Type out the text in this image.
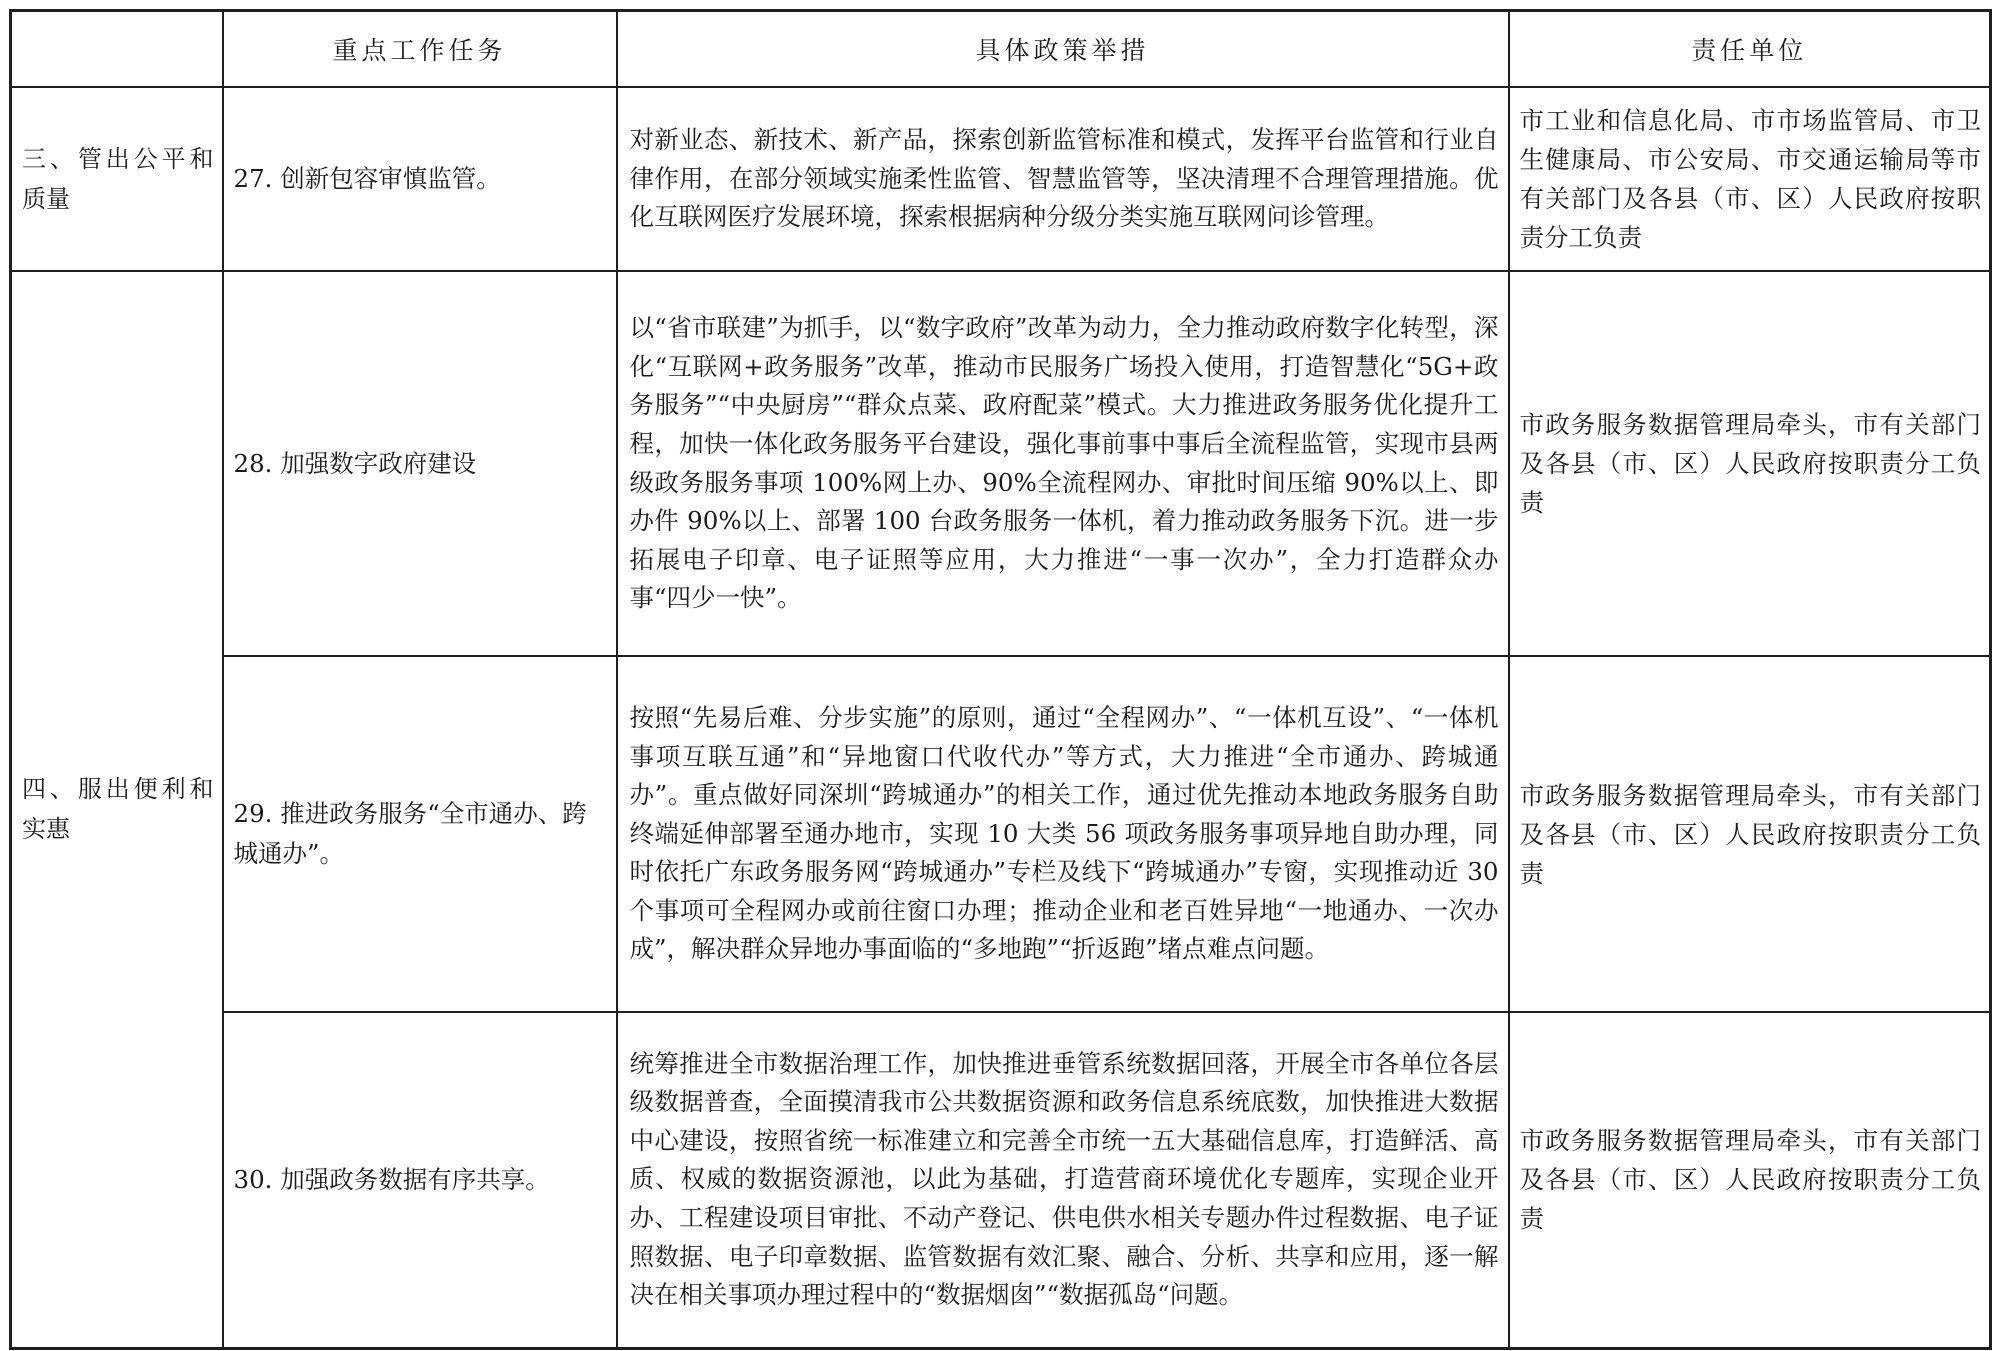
	重点工作任务	具体政策举措	责任单位
三、管出公平和质量	27. 创新包容审慎监管。	对新业态、新技术、新产品，探索创新监管标准和模式，发挥平台监管和行业自律作用，在部分领域实施柔性监管、智慧监管等，坚决清理不合理管理措施。优化互联网医疗发展环境，探索根据病种分级分类实施互联网问诊管理。	市工业和信息化局、市市场监管局、市卫生健康局、市公安局、市交通运输局等市有关部门及各县（市、区）人民政府按职责分工负责
四、服出便利和实惠	28. 加强数字政府建设	以“省市联建”为抓手，以“数字政府”改革为动力，全力推动政府数字化转型，深化“互联网+政务服务”改革，推动市民服务广场投入使用，打造智慧化“5G+政务服务”“中央厨房”“群众点菜、政府配菜”模式。大力推进政务服务优化提升工程，加快一体化政务服务平台建设，强化事前事中事后全流程监管，实现市县两级政务服务事项 100%网上办、90%全流程网办、审批时间压缩 90%以上、即办件 90%以上、部署 100 台政务服务一体机，着力推动政务服务下沉。进一步拓展电子印章、电子证照等应用，大力推进“一事一次办”，全力打造群众办事“四少一快”。	市政务服务数据管理局牵头，市有关部门及各县（市、区）人民政府按职责分工负责
	29. 推进政务服务“全市通办、跨城通办”。	按照“先易后难、分步实施”的原则，通过“全程网办”、“一体机互设”、“一体机事项互联互通”和“异地窗口代收代办”等方式，大力推进“全市通办、跨城通办”。重点做好同深圳“跨城通办”的相关工作，通过优先推动本地政务服务自助终端延伸部署至通办地市，实现 10 大类 56 项政务服务事项异地自助办理，同时依托广东政务服务网“跨城通办”专栏及线下“跨城通办”专窗，实现推动近 30 个事项可全程网办或前往窗口办理；推动企业和老百姓异地“一地通办、一次办成”，解决群众异地办事面临的“多地跑”“折返跑”堵点难点问题。	市政务服务数据管理局牵头，市有关部门及各县（市、区）人民政府按职责分工负责
	30. 加强政务数据有序共享。	统筹推进全市数据治理工作，加快推进垂管系统数据回落，开展全市各单位各层级数据普查，全面摸清我市公共数据资源和政务信息系统底数，加快推进大数据中心建设，按照省统一标准建立和完善全市统一五大基础信息库，打造鲜活、高质、权威的数据资源池，以此为基础，打造营商环境优化专题库，实现企业开办、工程建设项目审批、不动产登记、供电供水相关专题办件过程数据、电子证照数据、电子印章数据、监管数据有效汇聚、融合、分析、共享和应用，逐一解决在相关事项办理过程中的“数据烟囱”“数据孤岛“问题。	市政务服务数据管理局牵头，市有关部门及各县（市、区）人民政府按职责分工负责
